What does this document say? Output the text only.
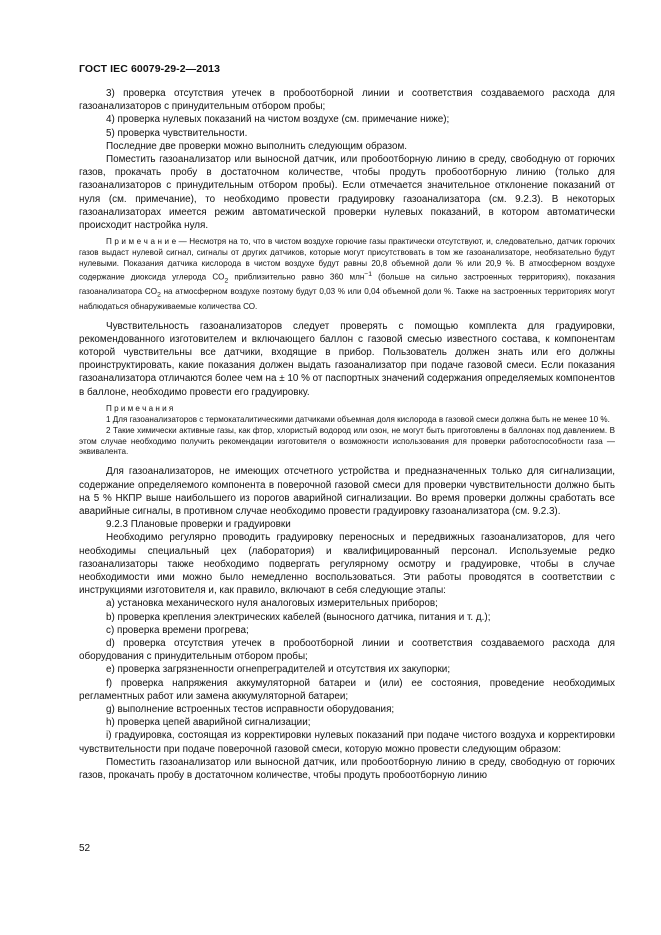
ГОСТ IEC 60079-29-2—2013

3) проверка отсутствия утечек в пробоотборной линии и соответствия создаваемого расхода для газоанализаторов с принудительным отбором пробы;

4) проверка нулевых показаний на чистом воздухе (см. примечание ниже);

5) проверка чувствительности.

Последние две проверки можно выполнить следующим образом.

Поместить газоанализатор или выносной датчик, или пробоотборную линию в среду, свободную от горючих газов, прокачать пробу в достаточном количестве, чтобы продуть пробоотборную линию (только для газоанализаторов с принудительным отбором пробы). Если отмечается значительное отклонение показаний от нуля (см. примечание), то необходимо провести градуировку газоанализатора (см. 9.2.3). В некоторых газоанализаторах имеется режим автоматической проверки нулевых показаний, в котором автоматически происходит настройка нуля.

П р и м е ч а н и е — Несмотря на то, что в чистом воздухе горючие газы практически отсутствуют, и, следовательно, датчик горючих газов выдаст нулевой сигнал, сигналы от других датчиков, которые могут присутствовать в том же газоанализаторе, необязательно будут нулевыми. Показания датчика кислорода в чистом воздухе будут равны 20,8 объемной доли % или 20,9 %. В атмосферном воздухе содержание диоксида углерода $CO_2$ приблизительно равно 360 млн$^{-1}$ (больше на сильно застроенных территориях), показания газоанализатора $CO_2$ на атмосферном воздухе поэтому будут 0,03 % или 0,04 объемной доли %. Также на застроенных территориях могут наблюдаться обнаруживаемые количества СО.

Чувствительность газоанализаторов следует проверять с помощью комплекта для градуировки, рекомендованного изготовителем и включающего баллон с газовой смесью известного состава, к компонентам которой чувствительны все датчики, входящие в прибор. Пользователь должен знать или его должны проинструктировать, какие показания должен выдать газоанализатор при подаче газовой смеси. Если показания газоанализатора отличаются более чем на ± 10 % от паспортных значений содержания определяемых компонентов в баллоне, необходимо провести его градуировку.

П р и м е ч а н и я

1 Для газоанализаторов с термокаталитическими датчиками объемная доля кислорода в газовой смеси должна быть не менее 10 %.

2 Такие химически активные газы, как фтор, хлористый водород или озон, не могут быть приготовлены в баллонах под давлением. В этом случае необходимо получить рекомендации изготовителя о возможности использования для проверки работоспособности газа — эквивалента.

Для газоанализаторов, не имеющих отсчетного устройства и предназначенных только для сигнализации, содержание определяемого компонента в поверочной газовой смеси для проверки чувствительности должно быть на 5 % НКПР выше наибольшего из порогов аварийной сигнализации. Во время проверки должны сработать все аварийные сигналы, в противном случае необходимо провести градуировку газоанализатора (см. 9.2.3).

9.2.3 Плановые проверки и градуировки

Необходимо регулярно проводить градуировку переносных и передвижных газоанализаторов, для чего необходимы специальный цех (лаборатория) и квалифицированный персонал. Используемые редко газоанализаторы также необходимо подвергать регулярному осмотру и градуировке, чтобы в случае необходимости ими можно было немедленно воспользоваться. Эти работы проводятся в соответствии с инструкциями изготовителя и, как правило, включают в себя следующие этапы:

a) установка механического нуля аналоговых измерительных приборов;

b) проверка крепления электрических кабелей (выносного датчика, питания и т. д.);

c) проверка времени прогрева;

d) проверка отсутствия утечек в пробоотборной линии и соответствия создаваемого расхода для оборудования с принудительным отбором пробы;

e) проверка загрязненности огнепреградителей и отсутствия их закупорки;

f) проверка напряжения аккумуляторной батареи и (или) ее состояния, проведение необходимых регламентных работ или замена аккумуляторной батареи;

g) выполнение встроенных тестов исправности оборудования;

h) проверка цепей аварийной сигнализации;

i) градуировка, состоящая из корректировки нулевых показаний при подаче чистого воздуха и корректировки чувствительности при подаче поверочной газовой смеси, которую можно провести следующим образом:

Поместить газоанализатор или выносной датчик, или пробоотборную линию в среду, свободную от горючих газов, прокачать пробу в достаточном количестве, чтобы продуть пробоотборную линию

52
